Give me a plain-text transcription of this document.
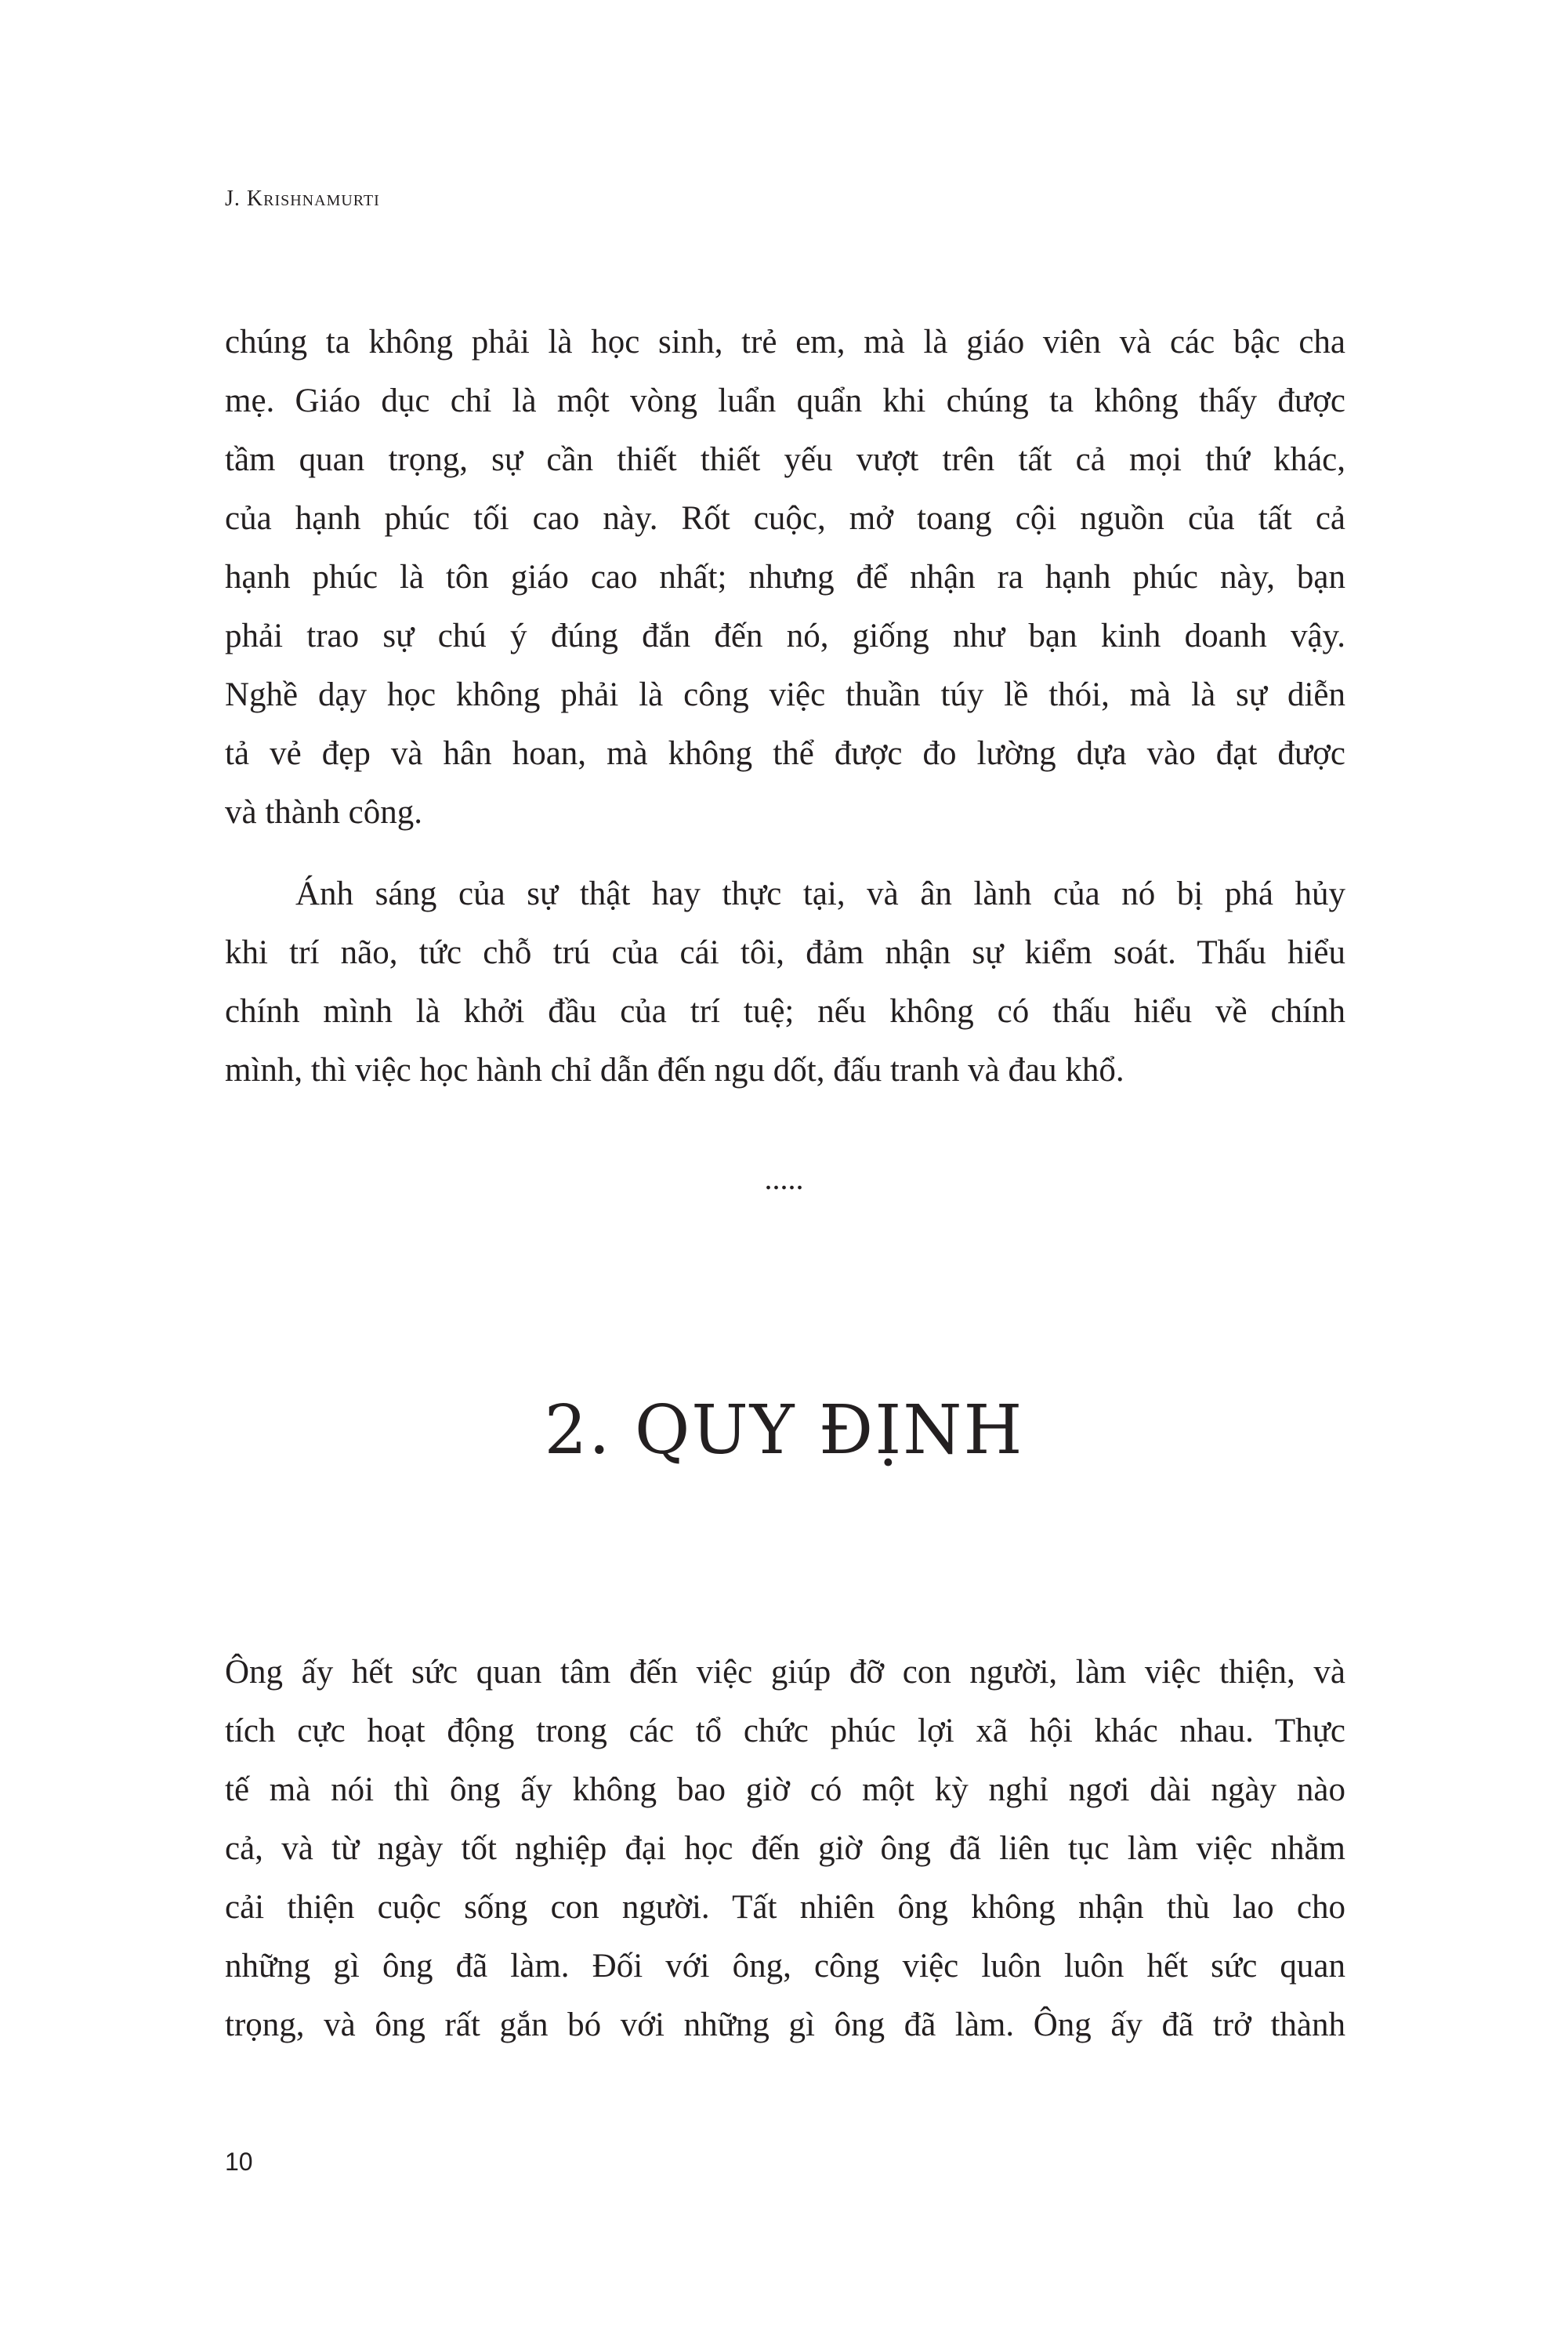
J. Krishnamurti
chúng ta không phải là học sinh, trẻ em, mà là giáo viên và các bậc cha
mẹ. Giáo dục chỉ là một vòng luẩn quẩn khi chúng ta không thấy được
tầm quan trọng, sự cần thiết thiết yếu vượt trên tất cả mọi thứ khác,
của hạnh phúc tối cao này. Rốt cuộc, mở toang cội nguồn của tất cả
hạnh phúc là tôn giáo cao nhất; nhưng để nhận ra hạnh phúc này, bạn
phải trao sự chú ý đúng đắn đến nó, giống như bạn kinh doanh vậy.
Nghề dạy học không phải là công việc thuần túy lề thói, mà là sự diễn
tả vẻ đẹp và hân hoan, mà không thể được đo lường dựa vào đạt được
và thành công.
Ánh sáng của sự thật hay thực tại, và ân lành của nó bị phá hủy
khi trí não, tức chỗ trú của cái tôi, đảm nhận sự kiểm soát. Thấu hiểu
chính mình là khởi đầu của trí tuệ; nếu không có thấu hiểu về chính
mình, thì việc học hành chỉ dẫn đến ngu dốt, đấu tranh và đau khổ.
.....
2. QUY ĐỊNH
Ông ấy hết sức quan tâm đến việc giúp đỡ con người, làm việc thiện, và
tích cực hoạt động trong các tổ chức phúc lợi xã hội khác nhau. Thực
tế mà nói thì ông ấy không bao giờ có một kỳ nghỉ ngơi dài ngày nào
cả, và từ ngày tốt nghiệp đại học đến giờ ông đã liên tục làm việc nhằm
cải thiện cuộc sống con người. Tất nhiên ông không nhận thù lao cho
những gì ông đã làm. Đối với ông, công việc luôn luôn hết sức quan
trọng, và ông rất gắn bó với những gì ông đã làm. Ông ấy đã trở thành
10
